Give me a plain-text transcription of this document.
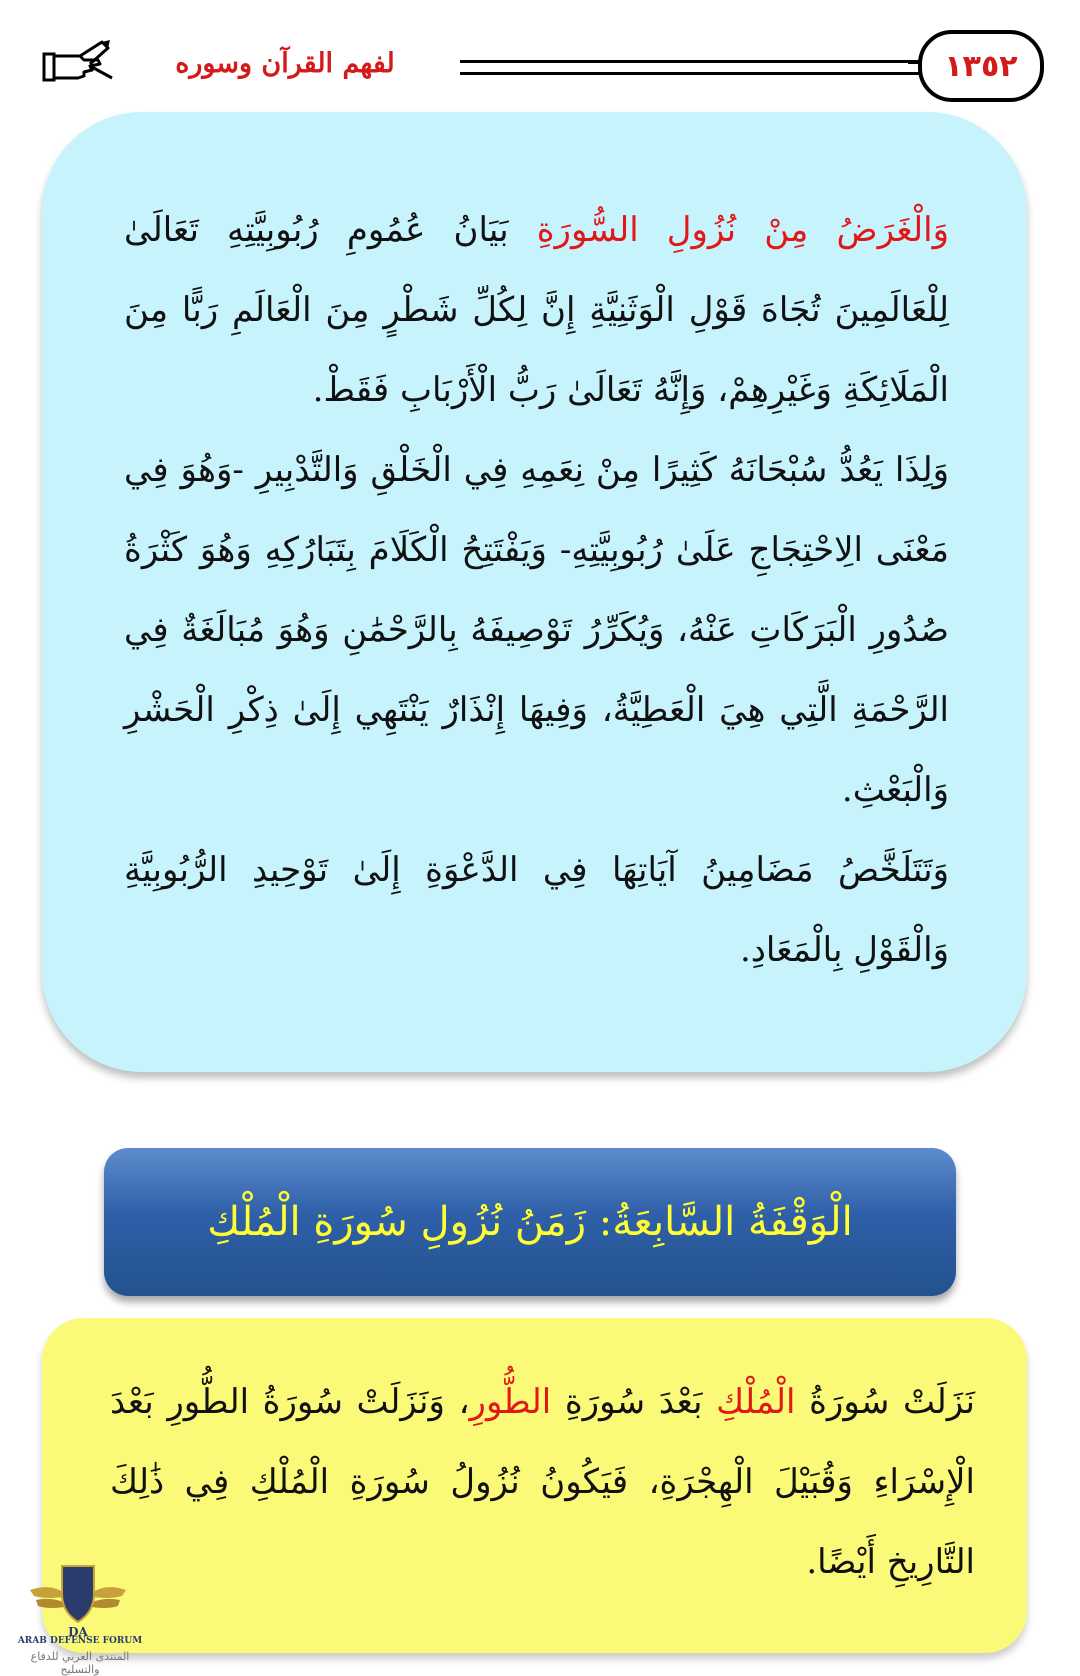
لفهم القرآن وسوره	١٣٥٢

وَالْغَرَضُ مِنْ نُزُولِ السُّورَةِ بَيَانُ عُمُومِ رُبُوبِيَّتِهِ تَعَالَىٰ لِلْعَالَمِينَ تُجَاهَ قَوْلِ الْوَثَنِيَّةِ إِنَّ لِكُلِّ شَطْرٍ مِنَ الْعَالَمِ رَبًّا مِنَ الْمَلَائِكَةِ وَغَيْرِهِمْ، وَإِنَّهُ تَعَالَىٰ رَبُّ الْأَرْبَابِ فَقَطْ.

وَلِذَا يَعُدُّ سُبْحَانَهُ كَثِيرًا مِنْ نِعَمِهِ فِي الْخَلْقِ وَالتَّدْبِيرِ -وَهُوَ فِي مَعْنَى الِاحْتِجَاجِ عَلَىٰ رُبُوبِيَّتِهِ- وَيَفْتَتِحُ الْكَلَامَ بِتَبَارُكِهِ وَهُوَ كَثْرَةُ صُدُورِ الْبَرَكَاتِ عَنْهُ، وَيُكَرِّرُ تَوْصِيفَهُ بِالرَّحْمَٰنِ وَهُوَ مُبَالَغَةٌ فِي الرَّحْمَةِ الَّتِي هِيَ الْعَطِيَّةُ، وَفِيهَا إِنْذَارٌ يَنْتَهِي إِلَىٰ ذِكْرِ الْحَشْرِ وَالْبَعْثِ.

وَتَتَلَخَّصُ مَضَامِينُ آيَاتِهَا فِي الدَّعْوَةِ إِلَىٰ تَوْحِيدِ الرُّبُوبِيَّةِ وَالْقَوْلِ بِالْمَعَادِ.

الْوَقْفَةُ السَّابِعَةُ: زَمَنُ نُزُولِ سُورَةِ الْمُلْكِ

نَزَلَتْ سُورَةُ الْمُلْكِ بَعْدَ سُورَةِ الطُّورِ، وَنَزَلَتْ سُورَةُ الطُّورِ بَعْدَ الْإِسْرَاءِ وَقُبَيْلَ الْهِجْرَةِ، فَيَكُونُ نُزُولُ سُورَةِ الْمُلْكِ فِي ذَٰلِكَ التَّارِيخِ أَيْضًا.

DA
ARAB DEFENSE FORUM
المنتدى العربي للدفاع والتسليح
